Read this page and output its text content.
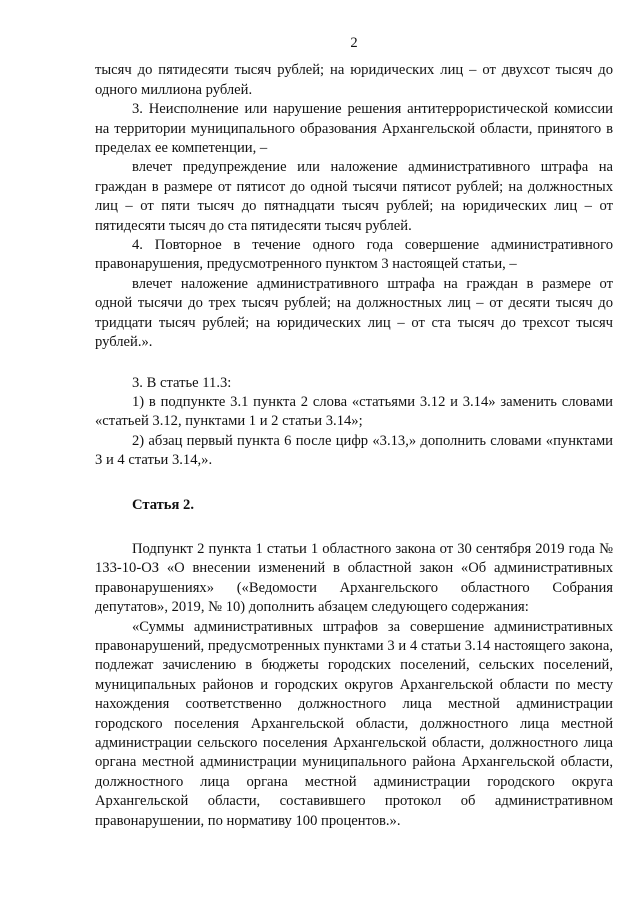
2

тысяч до пятидесяти тысяч рублей; на юридических лиц – от двухсот тысяч до одного миллиона рублей.

3. Неисполнение или нарушение решения антитеррористической комиссии на территории муниципального образования Архангельской области, принятого в пределах ее компетенции, –

влечет предупреждение или наложение административного штрафа на граждан в размере от пятисот до одной тысячи пятисот рублей; на должностных лиц – от пяти тысяч до пятнадцати тысяч рублей; на юридических лиц – от пятидесяти тысяч до ста пятидесяти тысяч рублей.

4. Повторное в течение одного года совершение административного правонарушения, предусмотренного пунктом 3 настоящей статьи, –

влечет наложение административного штрафа на граждан в размере от одной тысячи до трех тысяч рублей; на должностных лиц – от десяти тысяч до тридцати тысяч рублей; на юридических лиц – от ста тысяч до трехсот тысяч рублей.».

3. В статье 11.3:

1) в подпункте 3.1 пункта 2 слова «статьями 3.12 и 3.14» заменить словами «статьей 3.12, пунктами 1 и 2 статьи 3.14»;

2) абзац первый пункта 6 после цифр «3.13,» дополнить словами «пунктами 3 и 4 статьи 3.14,».

Статья 2.

Подпункт 2 пункта 1 статьи 1 областного закона от 30 сентября 2019 года № 133-10-ОЗ «О внесении изменений в областной закон «Об административных правонарушениях» («Ведомости Архангельского областного Собрания депутатов», 2019, № 10) дополнить абзацем следующего содержания:

«Суммы административных штрафов за совершение административных правонарушений, предусмотренных пунктами 3 и 4 статьи 3.14 настоящего закона, подлежат зачислению в бюджеты городских поселений, сельских поселений, муниципальных районов и городских округов Архангельской области по месту нахождения соответственно должностного лица местной администрации городского поселения Архангельской области, должностного лица местной администрации сельского поселения Архангельской области, должностного лица органа местной администрации муниципального района Архангельской области, должностного лица органа местной администрации городского округа Архангельской области, составившего протокол об административном правонарушении, по нормативу 100 процентов.».
